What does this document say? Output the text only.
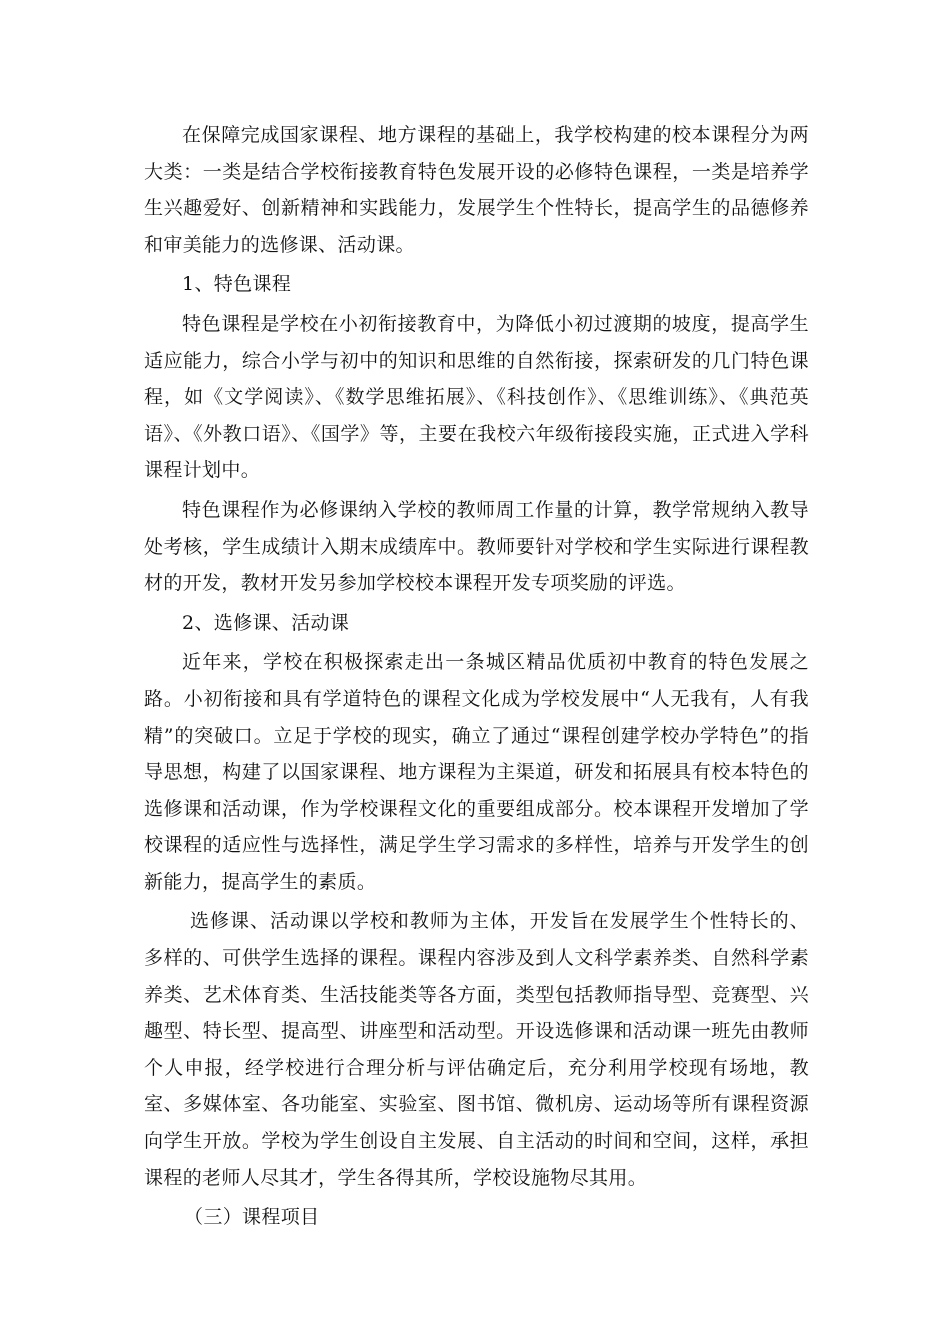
在保障完成国家课程、地方课程的基础上，我学校构建的校本课程分为两大类：一类是结合学校衔接教育特色发展开设的必修特色课程，一类是培养学生兴趣爱好、创新精神和实践能力，发展学生个性特长，提高学生的品德修养和审美能力的选修课、活动课。

1、特色课程

特色课程是学校在小初衔接教育中，为降低小初过渡期的坡度，提高学生适应能力，综合小学与初中的知识和思维的自然衔接，探索研发的几门特色课程，如《文学阅读》、《数学思维拓展》、《科技创作》、《思维训练》、《典范英语》、《外教口语》、《国学》等，主要在我校六年级衔接段实施，正式进入学科课程计划中。

特色课程作为必修课纳入学校的教师周工作量的计算，教学常规纳入教导处考核，学生成绩计入期末成绩库中。教师要针对学校和学生实际进行课程教材的开发，教材开发另参加学校校本课程开发专项奖励的评选。

2、选修课、活动课

近年来，学校在积极探索走出一条城区精品优质初中教育的特色发展之路。小初衔接和具有学道特色的课程文化成为学校发展中“人无我有，人有我精”的突破口。立足于学校的现实，确立了通过“课程创建学校办学特色”的指导思想，构建了以国家课程、地方课程为主渠道，研发和拓展具有校本特色的选修课和活动课，作为学校课程文化的重要组成部分。校本课程开发增加了学校课程的适应性与选择性，满足学生学习需求的多样性，培养与开发学生的创新能力，提高学生的素质。

选修课、活动课以学校和教师为主体，开发旨在发展学生个性特长的、多样的、可供学生选择的课程。课程内容涉及到人文科学素养类、自然科学素养类、艺术体育类、生活技能类等各方面，类型包括教师指导型、竞赛型、兴趣型、特长型、提高型、讲座型和活动型。开设选修课和活动课一班先由教师个人申报，经学校进行合理分析与评估确定后，充分利用学校现有场地，教室、多媒体室、各功能室、实验室、图书馆、微机房、运动场等所有课程资源向学生开放。学校为学生创设自主发展、自主活动的时间和空间，这样，承担课程的老师人尽其才，学生各得其所，学校设施物尽其用。

（三）课程项目
